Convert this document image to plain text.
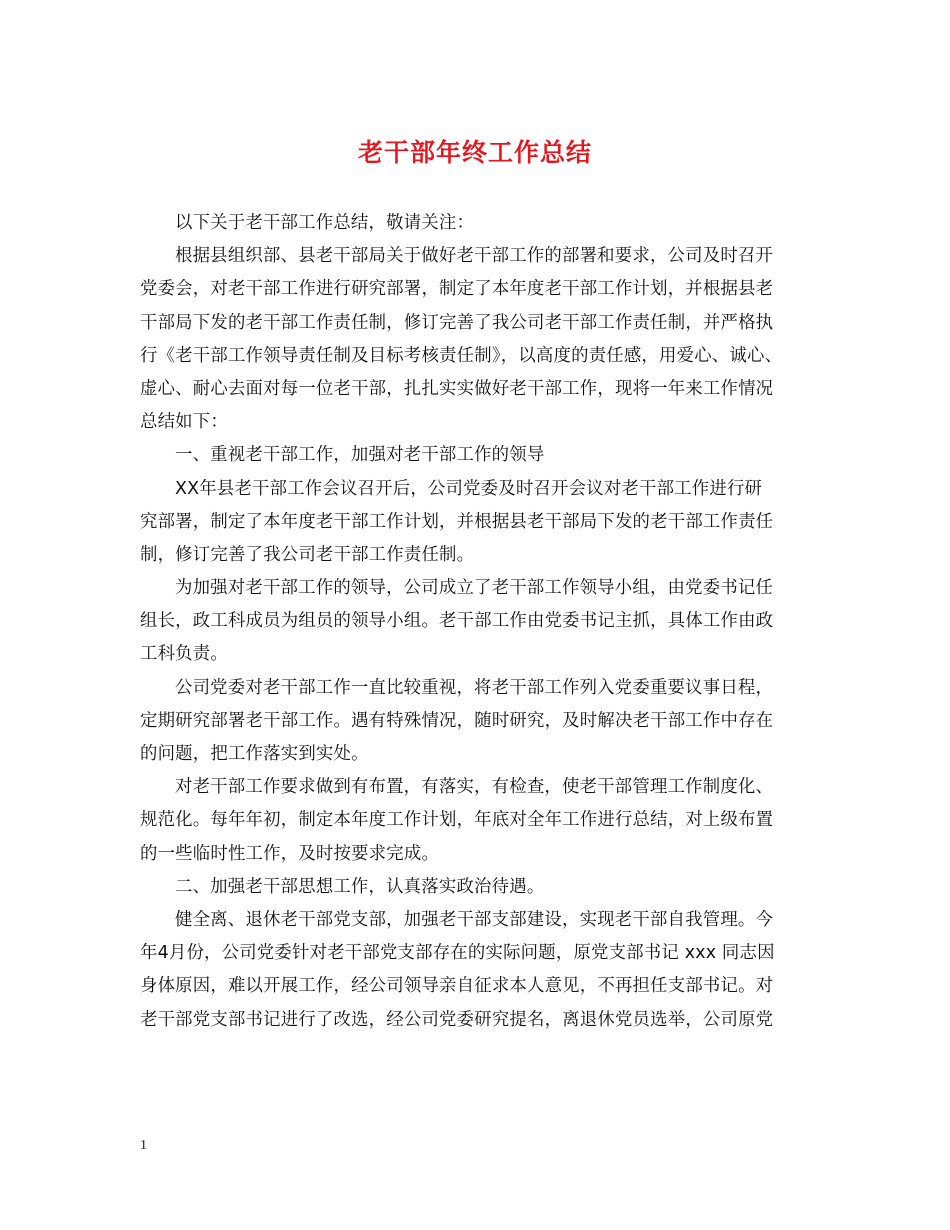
老干部年终工作总结
以下关于老干部工作总结，敬请关注：
根据县组织部、县老干部局关于做好老干部工作的部署和要求，公司及时召开
党委会，对老干部工作进行研究部署，制定了本年度老干部工作计划，并根据县老
干部局下发的老干部工作责任制，修订完善了我公司老干部工作责任制，并严格执
行《老干部工作领导责任制及目标考核责任制》，以高度的责任感，用爱心、诚心、
虚心、耐心去面对每一位老干部，扎扎实实做好老干部工作，现将一年来工作情况
总结如下：
一、重视老干部工作，加强对老干部工作的领导
XX年县老干部工作会议召开后，公司党委及时召开会议对老干部工作进行研
究部署，制定了本年度老干部工作计划，并根据县老干部局下发的老干部工作责任
制，修订完善了我公司老干部工作责任制。
为加强对老干部工作的领导，公司成立了老干部工作领导小组，由党委书记任
组长，政工科成员为组员的领导小组。老干部工作由党委书记主抓，具体工作由政
工科负责。
公司党委对老干部工作一直比较重视，将老干部工作列入党委重要议事日程，
定期研究部署老干部工作。遇有特殊情况，随时研究，及时解决老干部工作中存在
的问题，把工作落实到实处。
对老干部工作要求做到有布置，有落实，有检查，使老干部管理工作制度化、
规范化。每年年初，制定本年度工作计划，年底对全年工作进行总结，对上级布置
的一些临时性工作，及时按要求完成。
二、加强老干部思想工作，认真落实政治待遇。
健全离、退休老干部党支部，加强老干部支部建设，实现老干部自我管理。今
年4月份，公司党委针对老干部党支部存在的实际问题，原党支部书记 xxx 同志因
身体原因，难以开展工作，经公司领导亲自征求本人意见，不再担任支部书记。对
老干部党支部书记进行了改选，经公司党委研究提名，离退休党员选举，公司原党
1
